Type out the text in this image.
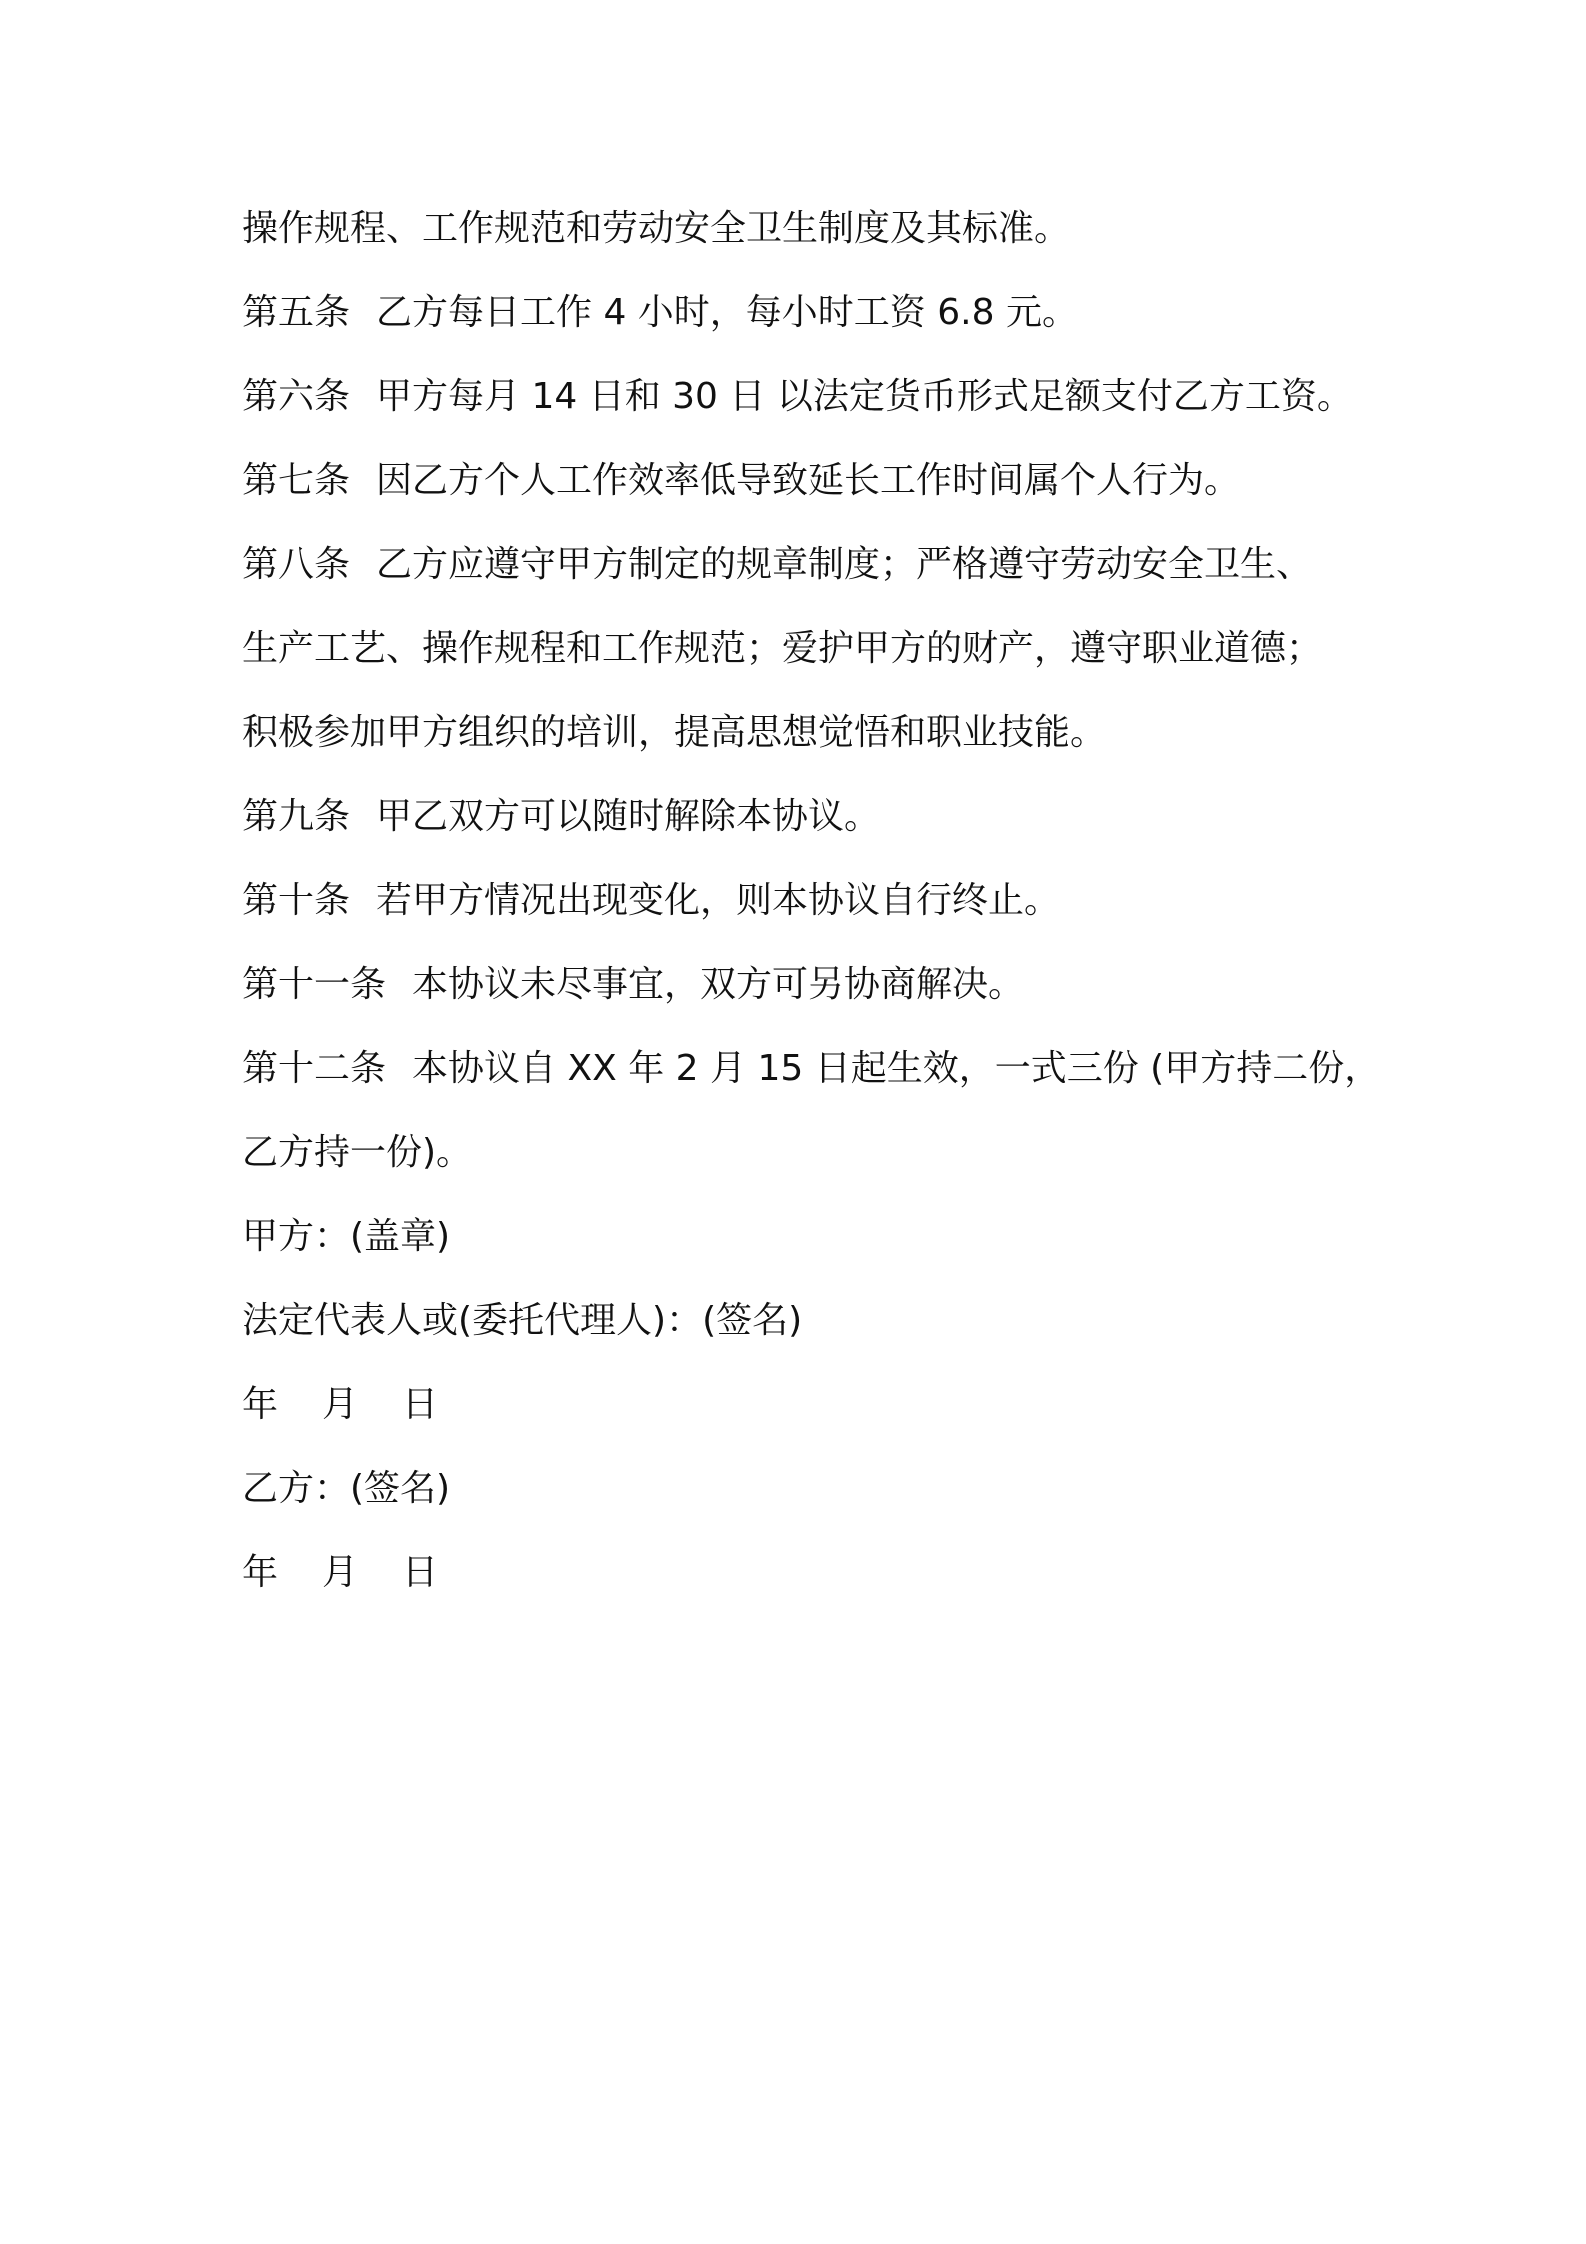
操作规程、工作规范和劳动安全卫生制度及其标准。
第五条 乙方每日工作 4 小时，每小时工资 6.8 元。
第六条 甲方每月 14 日和 30 日 以法定货币形式足额支付乙方工资。
第七条 因乙方个人工作效率低导致延长工作时间属个人行为。
第八条 乙方应遵守甲方制定的规章制度；严格遵守劳动安全卫生、
生产工艺、操作规程和工作规范；爱护甲方的财产，遵守职业道德；
积极参加甲方组织的培训，提高思想觉悟和职业技能。
第九条 甲乙双方可以随时解除本协议。
第十条 若甲方情况出现变化，则本协议自行终止。
第十一条 本协议未尽事宜，双方可另协商解决。
第十二条 本协议自 XX 年 2 月 15 日起生效，一式三份 (甲方持二份，
乙方持一份)。
甲方：(盖章)
法定代表人或(委托代理人)：(签名)
年 月 日
乙方：(签名)
年 月 日
